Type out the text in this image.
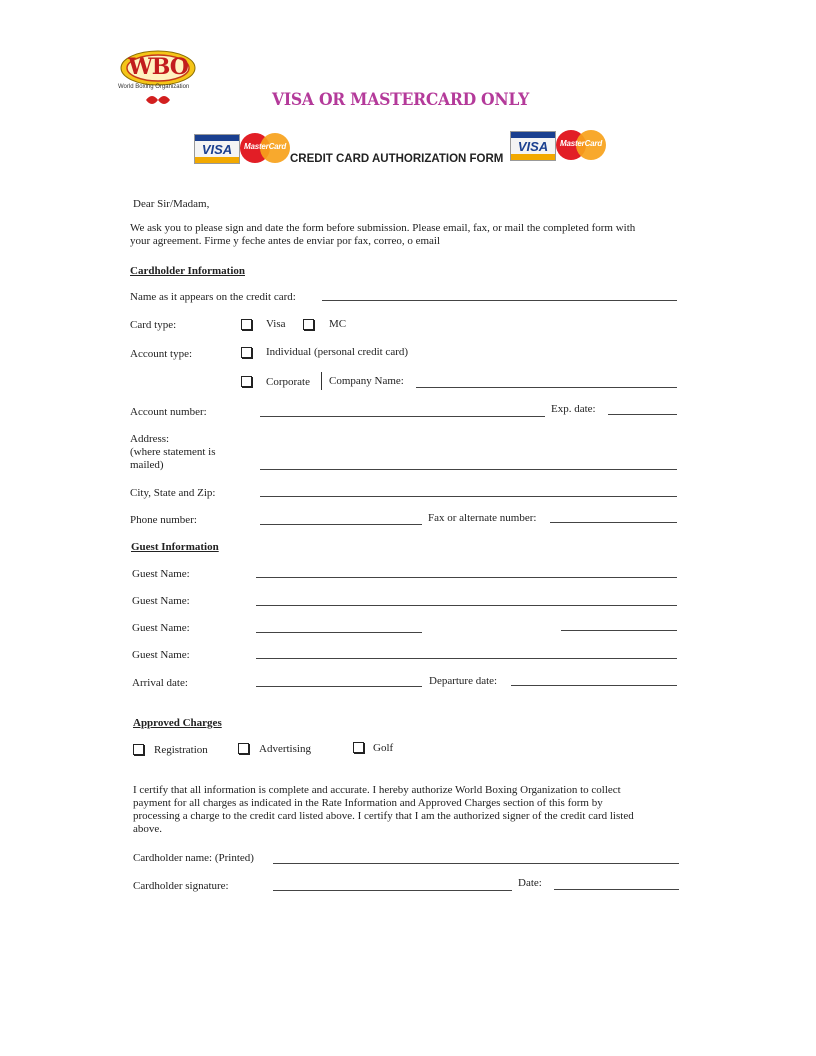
WBO
World Boxing Organization
VISA OR MASTERCARD ONLY
VISA	MasterCard
CREDIT CARD AUTHORIZATION FORM
VISA	MasterCard
Dear Sir/Madam,
We ask you to please sign and date the form before submission. Please email, fax, or mail the completed form with
your agreement. Firme y feche antes de enviar por fax, correo, o email
Cardholder Information
Name as it appears on the credit card:
Card type:	Visa	MC
Account type:	Individual (personal credit card)
Corporate Company Name:
Account number:	Exp. date:
Address:
(where statement is
mailed)
City, State and Zip:
Phone number:	Fax or alternate number:
Guest Information
Guest Name:
Guest Name:
Guest Name:
Guest Name:
Arrival date:	Departure date:
Approved Charges
Registration	Advertising	Golf
I certify that all information is complete and accurate. I hereby authorize World Boxing Organization to collect
payment for all charges as indicated in the Rate Information and Approved Charges section of this form by
processing a charge to the credit card listed above. I certify that I am the authorized signer of the credit card listed
above.
Cardholder name: (Printed)
Cardholder signature:	Date:
